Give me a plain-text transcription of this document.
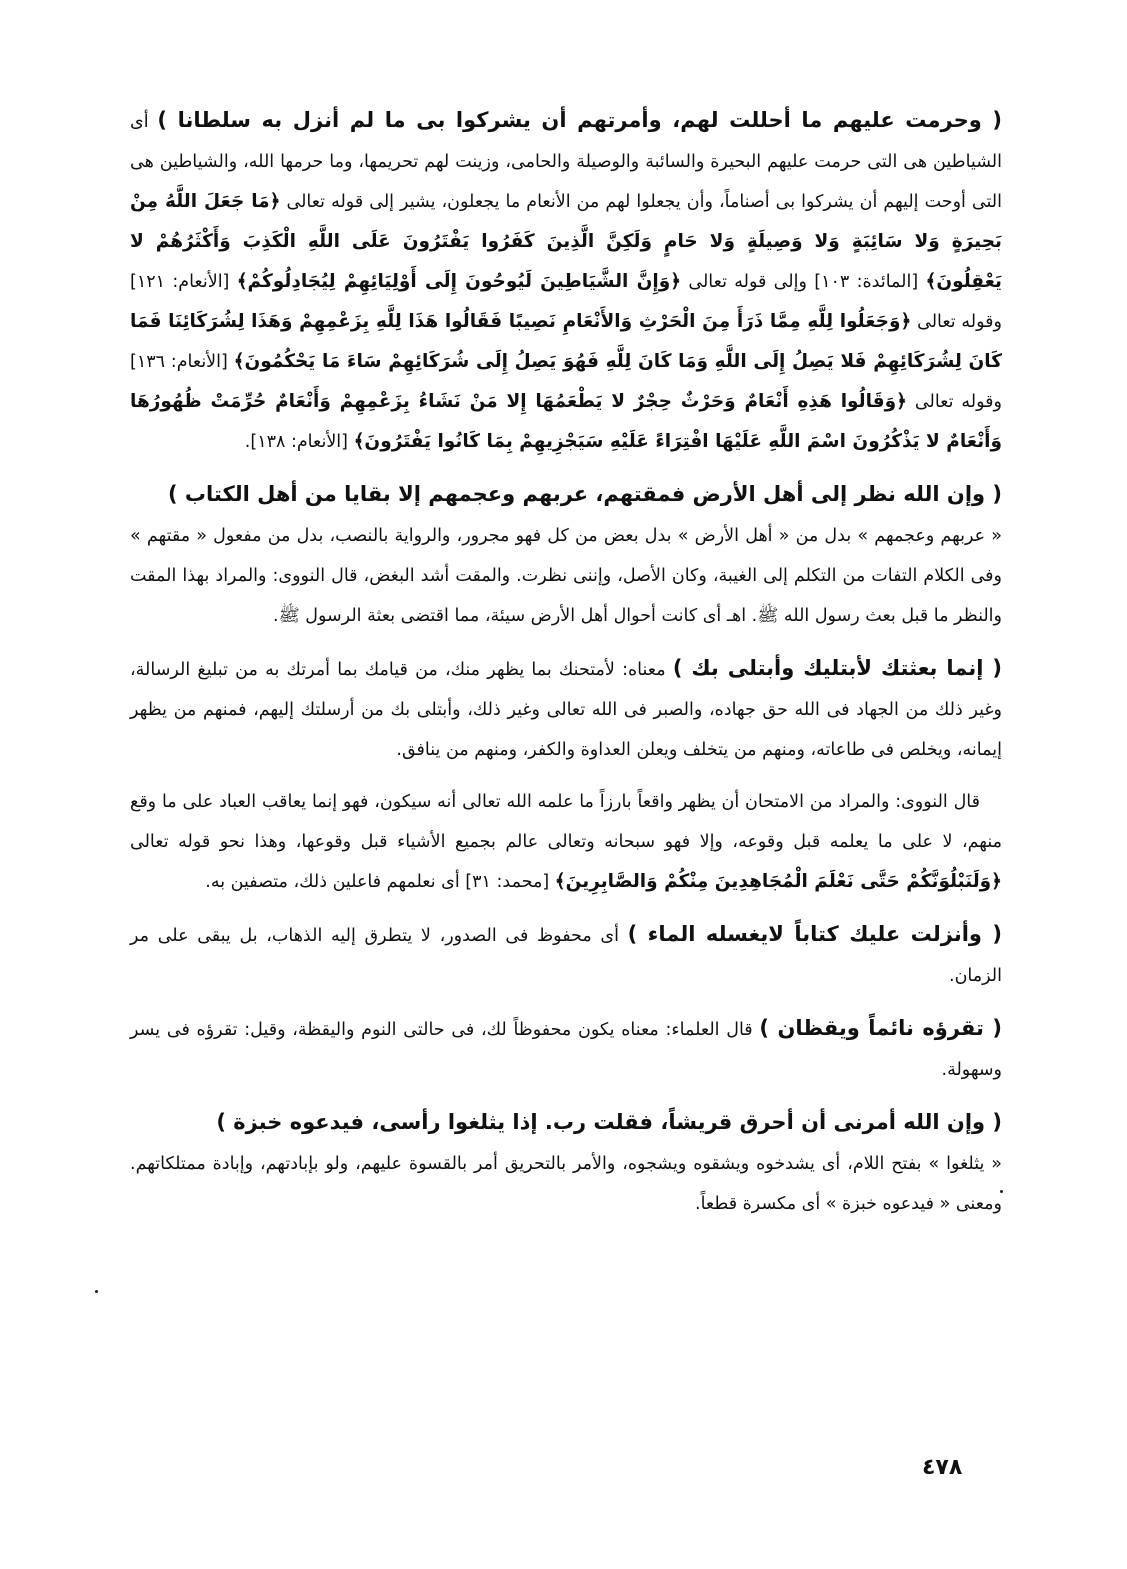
( وحرمت عليهم ما أحللت لهم، وأمرتهم أن يشركوا بى ما لم أنزل به سلطانا ) أى الشياطين هى التى حرمت عليهم البحيرة والسائبة والوصيلة والحامى، وزينت لهم تحريمها، وما حرمها الله، والشياطين هى التى أوحت إليهم أن يشركوا بى أصناماً، وأن يجعلوا لهم من الأنعام ما يجعلون، يشير إلى قوله تعالى ﴿مَا جَعَلَ اللَّهُ مِنْ بَحِيرَةٍ وَلا سَائِبَةٍ وَلا وَصِيلَةٍ وَلا حَامٍ وَلَكِنَّ الَّذِينَ كَفَرُوا يَفْتَرُونَ عَلَى اللَّهِ الْكَذِبَ وَأَكْثَرُهُمْ لا يَعْقِلُونَ﴾ [المائدة: ١٠٣] وإلى قوله تعالى ﴿وَإِنَّ الشَّيَاطِينَ لَيُوحُونَ إِلَى أَوْلِيَائِهِمْ لِيُجَادِلُوكُمْ﴾ [الأنعام: ١٢١] وقوله تعالى ﴿وَجَعَلُوا لِلَّهِ مِمَّا ذَرَأَ مِنَ الْحَرْثِ وَالأَنْعَامِ نَصِيبًا فَقَالُوا هَذَا لِلَّهِ بِزَعْمِهِمْ وَهَذَا لِشُرَكَائِنَا فَمَا كَانَ لِشُرَكَائِهِمْ فَلا يَصِلُ إِلَى اللَّهِ وَمَا كَانَ لِلَّهِ فَهُوَ يَصِلُ إِلَى شُرَكَائِهِمْ سَاءَ مَا يَحْكُمُونَ﴾ [الأنعام: ١٣٦] وقوله تعالى ﴿وَقَالُوا هَذِهِ أَنْعَامٌ وَحَرْثٌ حِجْرٌ لا يَطْعَمُهَا إِلا مَنْ نَشَاءُ بِزَعْمِهِمْ وَأَنْعَامٌ حُرِّمَتْ ظُهُورُهَا وَأَنْعَامٌ لا يَذْكُرُونَ اسْمَ اللَّهِ عَلَيْهَا افْتِرَاءً عَلَيْهِ سَيَجْزِيهِمْ بِمَا كَانُوا يَفْتَرُونَ﴾ [الأنعام: ١٣٨].

( وإن الله نظر إلى أهل الأرض فمقتهم، عربهم وعجمهم إلا بقايا من أهل الكتاب )
« عربهم وعجمهم » بدل من « أهل الأرض » بدل بعض من كل فهو مجرور، والرواية بالنصب، بدل من مفعول « مقتهم » وفى الكلام التفات من التكلم إلى الغيبة، وكان الأصل، وإننى نظرت. والمقت أشد البغض، قال النووى: والمراد بهذا المقت والنظر ما قبل بعث رسول الله ﷺ. اهـ أى كانت أحوال أهل الأرض سيئة، مما اقتضى بعثة الرسول ﷺ.

( إنما بعثتك لأبتليك وأبتلى بك ) معناه: لأمتحنك بما يظهر منك، من قيامك بما أمرتك به من تبليغ الرسالة، وغير ذلك من الجهاد فى الله حق جهاده، والصبر فى الله تعالى وغير ذلك، وأبتلى بك من أرسلتك إليهم، فمنهم من يظهر إيمانه، ويخلص فى طاعاته، ومنهم من يتخلف ويعلن العداوة والكفر، ومنهم من ينافق.

قال النووى: والمراد من الامتحان أن يظهر واقعاً بارزاً ما علمه الله تعالى أنه سيكون، فهو إنما يعاقب العباد على ما وقع منهم، لا على ما يعلمه قبل وقوعه، وإلا فهو سبحانه وتعالى عالم بجميع الأشياء قبل وقوعها، وهذا نحو قوله تعالى ﴿وَلَنَبْلُوَنَّكُمْ حَتَّى نَعْلَمَ الْمُجَاهِدِينَ مِنْكُمْ وَالصَّابِرِينَ﴾ [محمد: ٣١] أى نعلمهم فاعلين ذلك، متصفين به.

( وأنزلت عليك كتاباً لايغسله الماء ) أى محفوظ فى الصدور، لا يتطرق إليه الذهاب، بل يبقى على مر الزمان.

( تقرؤه نائماً ويقظان ) قال العلماء: معناه يكون محفوظاً لك، فى حالتى النوم واليقظة، وقيل: تقرؤه فى يسر وسهولة.

( وإن الله أمرنى أن أحرق قريشاً، فقلت رب. إذا يثلغوا رأسى، فيدعوه خبزة )
« يثلغوا » بفتح اللام، أى يشدخوه ويشقوه ويشجوه، والأمر بالتحريق أمر بالقسوة عليهم، ولو بإبادتهم، وإبادة ممتلكاتهم. ومعنى « فيدعوه خبزة » أى مكسرة قطعاً.

٤٧٨
